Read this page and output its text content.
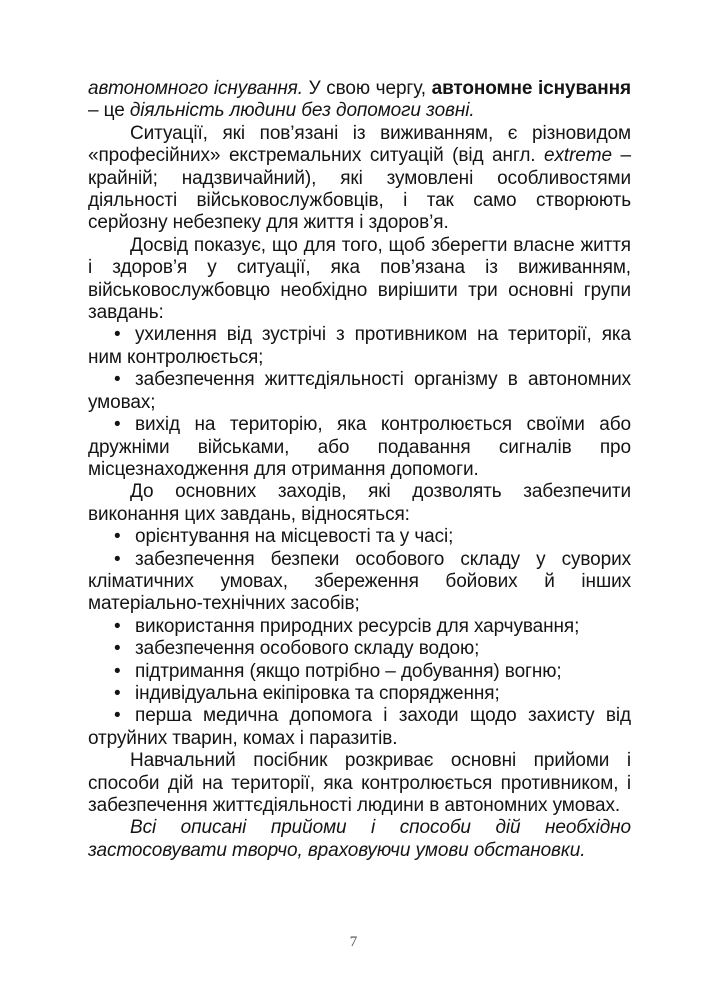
автономного існування. У свою чергу, автономне існування – це діяльність людини без допомоги зовні.

Ситуації, які пов’язані із виживанням, є різновидом «професійних» екстремальних ситуацій (від англ. extreme – крайній; надзвичайний), які зумовлені особливостями діяльності військовослужбовців, і так само створюють серйозну небезпеку для життя і здоров’я.

Досвід показує, що для того, щоб зберегти власне життя і здоров’я у ситуації, яка пов’язана із виживанням, військовослужбовцю необхідно вирішити три основні групи завдань:

• ухилення від зустрічі з противником на території, яка ним контролюється;

• забезпечення життєдіяльності організму в автономних умовах;

• вихід на територію, яка контролюється своїми або дружніми військами, або подавання сигналів про місцезнаходження для отримання допомоги.

До основних заходів, які дозволять забезпечити виконання цих завдань, відносяться:

• орієнтування на місцевості та у часі;

• забезпечення безпеки особового складу у суворих кліматичних умовах, збереження бойових й інших матеріально-технічних засобів;

• використання природних ресурсів для харчування;

• забезпечення особового складу водою;

• підтримання (якщо потрібно – добування) вогню;

• індивідуальна екіпіровка та спорядження;

• перша медична допомога і заходи щодо захисту від отруйних тварин, комах і паразитів.

Навчальний посібник розкриває основні прийоми і способи дій на території, яка контролюється противником, і забезпечення життєдіяльності людини в автономних умовах.

Всі описані прийоми і способи дій необхідно застосовувати творчо, враховуючи умови обстановки.

7
